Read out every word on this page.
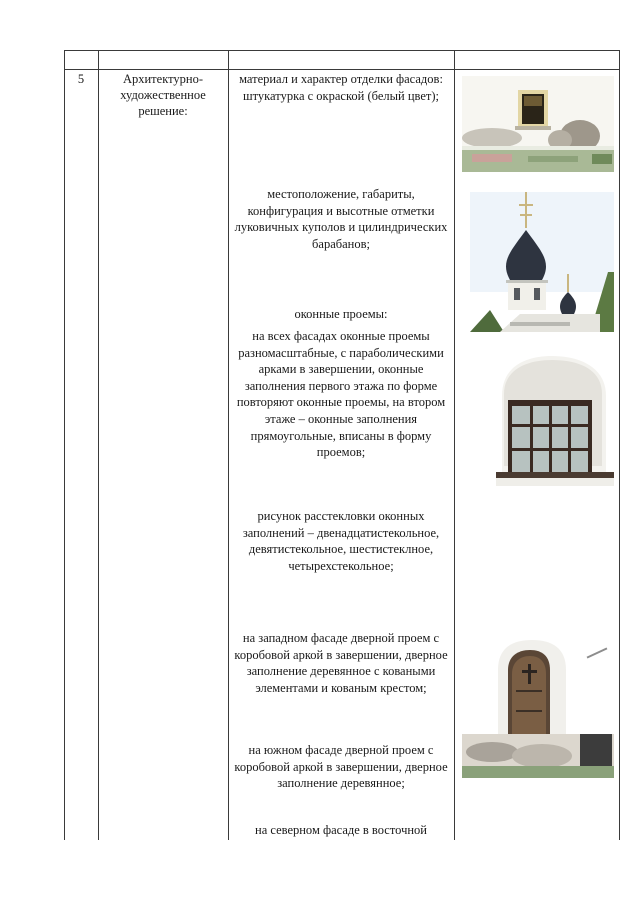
5	Архитектурно-художественное решение:
материал и характер отделки фасадов: штукатурка с окраской (белый цвет);
местоположение, габариты, конфигурация и высотные отметки луковичных куполов и цилиндрических барабанов;
оконные проемы:
на всех фасадах оконные проемы разномасштабные, с параболическими арками в завершении, оконные заполнения первого этажа по форме повторяют оконные проемы, на втором этаже – оконные заполнения прямоугольные, вписаны в форму проемов;
рисунок расстекловки оконных заполнений – двенадцатистекольное, девятистекольное, шестистеклное, четырехстекольное;
на западном фасаде дверной проем с коробовой аркой в завершении, дверное заполнение деревянное с коваными элементами и кованым крестом;
на южном фасаде дверной проем с коробовой аркой в завершении, дверное заполнение деревянное;
на северном фасаде в восточной
